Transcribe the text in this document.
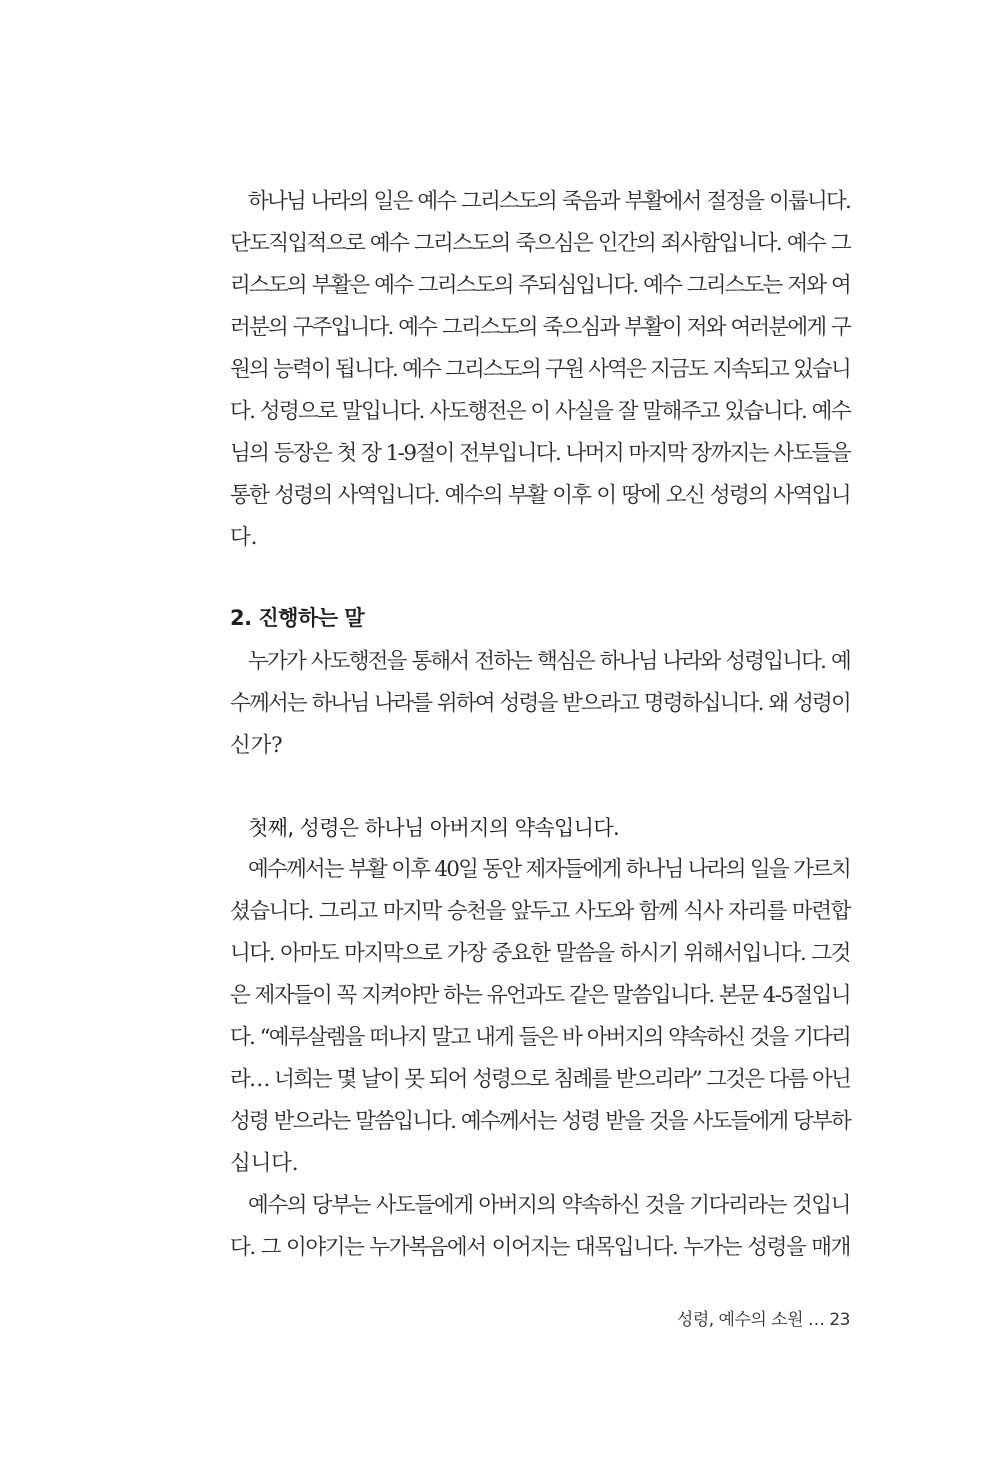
하나님 나라의 일은 예수 그리스도의 죽음과 부활에서 절정을 이룹니다.
단도직입적으로 예수 그리스도의 죽으심은 인간의 죄사함입니다. 예수 그
리스도의 부활은 예수 그리스도의 주되심입니다. 예수 그리스도는 저와 여
러분의 구주입니다. 예수 그리스도의 죽으심과 부활이 저와 여러분에게 구
원의 능력이 됩니다. 예수 그리스도의 구원 사역은 지금도 지속되고 있습니
다. 성령으로 말입니다. 사도행전은 이 사실을 잘 말해주고 있습니다. 예수
님의 등장은 첫 장 1-9절이 전부입니다. 나머지 마지막 장까지는 사도들을
통한 성령의 사역입니다. 예수의 부활 이후 이 땅에 오신 성령의 사역입니
다.
2. 진행하는 말
누가가 사도행전을 통해서 전하는 핵심은 하나님 나라와 성령입니다. 예
수께서는 하나님 나라를 위하여 성령을 받으라고 명령하십니다. 왜 성령이
신가?
첫째, 성령은 하나님 아버지의 약속입니다.
예수께서는 부활 이후 40일 동안 제자들에게 하나님 나라의 일을 가르치
셨습니다. 그리고 마지막 승천을 앞두고 사도와 함께 식사 자리를 마련합
니다. 아마도 마지막으로 가장 중요한 말씀을 하시기 위해서입니다. 그것
은 제자들이 꼭 지켜야만 하는 유언과도 같은 말씀입니다. 본문 4-5절입니
다. “예루살렘을 떠나지 말고 내게 들은 바 아버지의 약속하신 것을 기다리
라… 너희는 몇 날이 못 되어 성령으로 침례를 받으리라” 그것은 다름 아닌
성령 받으라는 말씀입니다. 예수께서는 성령 받을 것을 사도들에게 당부하
십니다.
예수의 당부는 사도들에게 아버지의 약속하신 것을 기다리라는 것입니
다. 그 이야기는 누가복음에서 이어지는 대목입니다. 누가는 성령을 매개
성령, 예수의 소원 … 23
